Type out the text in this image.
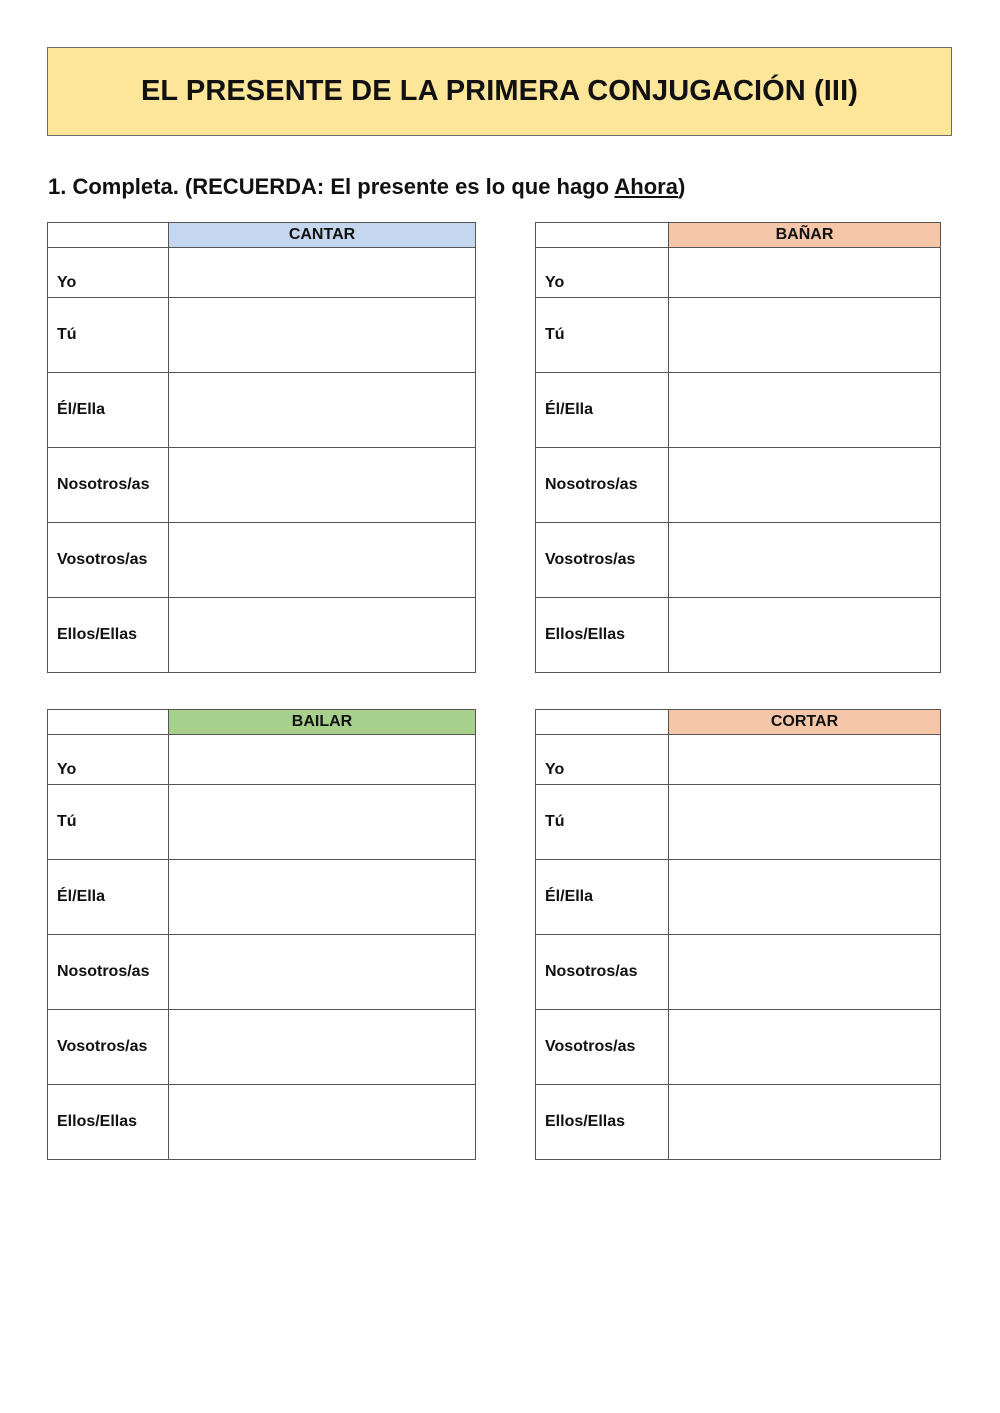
EL PRESENTE DE LA PRIMERA CONJUGACIÓN (III)

1. Completa. (RECUERDA: El presente es lo que hago Ahora)

	CANTAR
Yo	
Tú	
Él/Ella	
Nosotros/as	
Vosotros/as	
Ellos/Ellas	
	BAÑAR
Yo	
Tú	
Él/Ella	
Nosotros/as	
Vosotros/as	
Ellos/Ellas	
	BAILAR
Yo	
Tú	
Él/Ella	
Nosotros/as	
Vosotros/as	
Ellos/Ellas	
	CORTAR
Yo	
Tú	
Él/Ella	
Nosotros/as	
Vosotros/as	
Ellos/Ellas	
